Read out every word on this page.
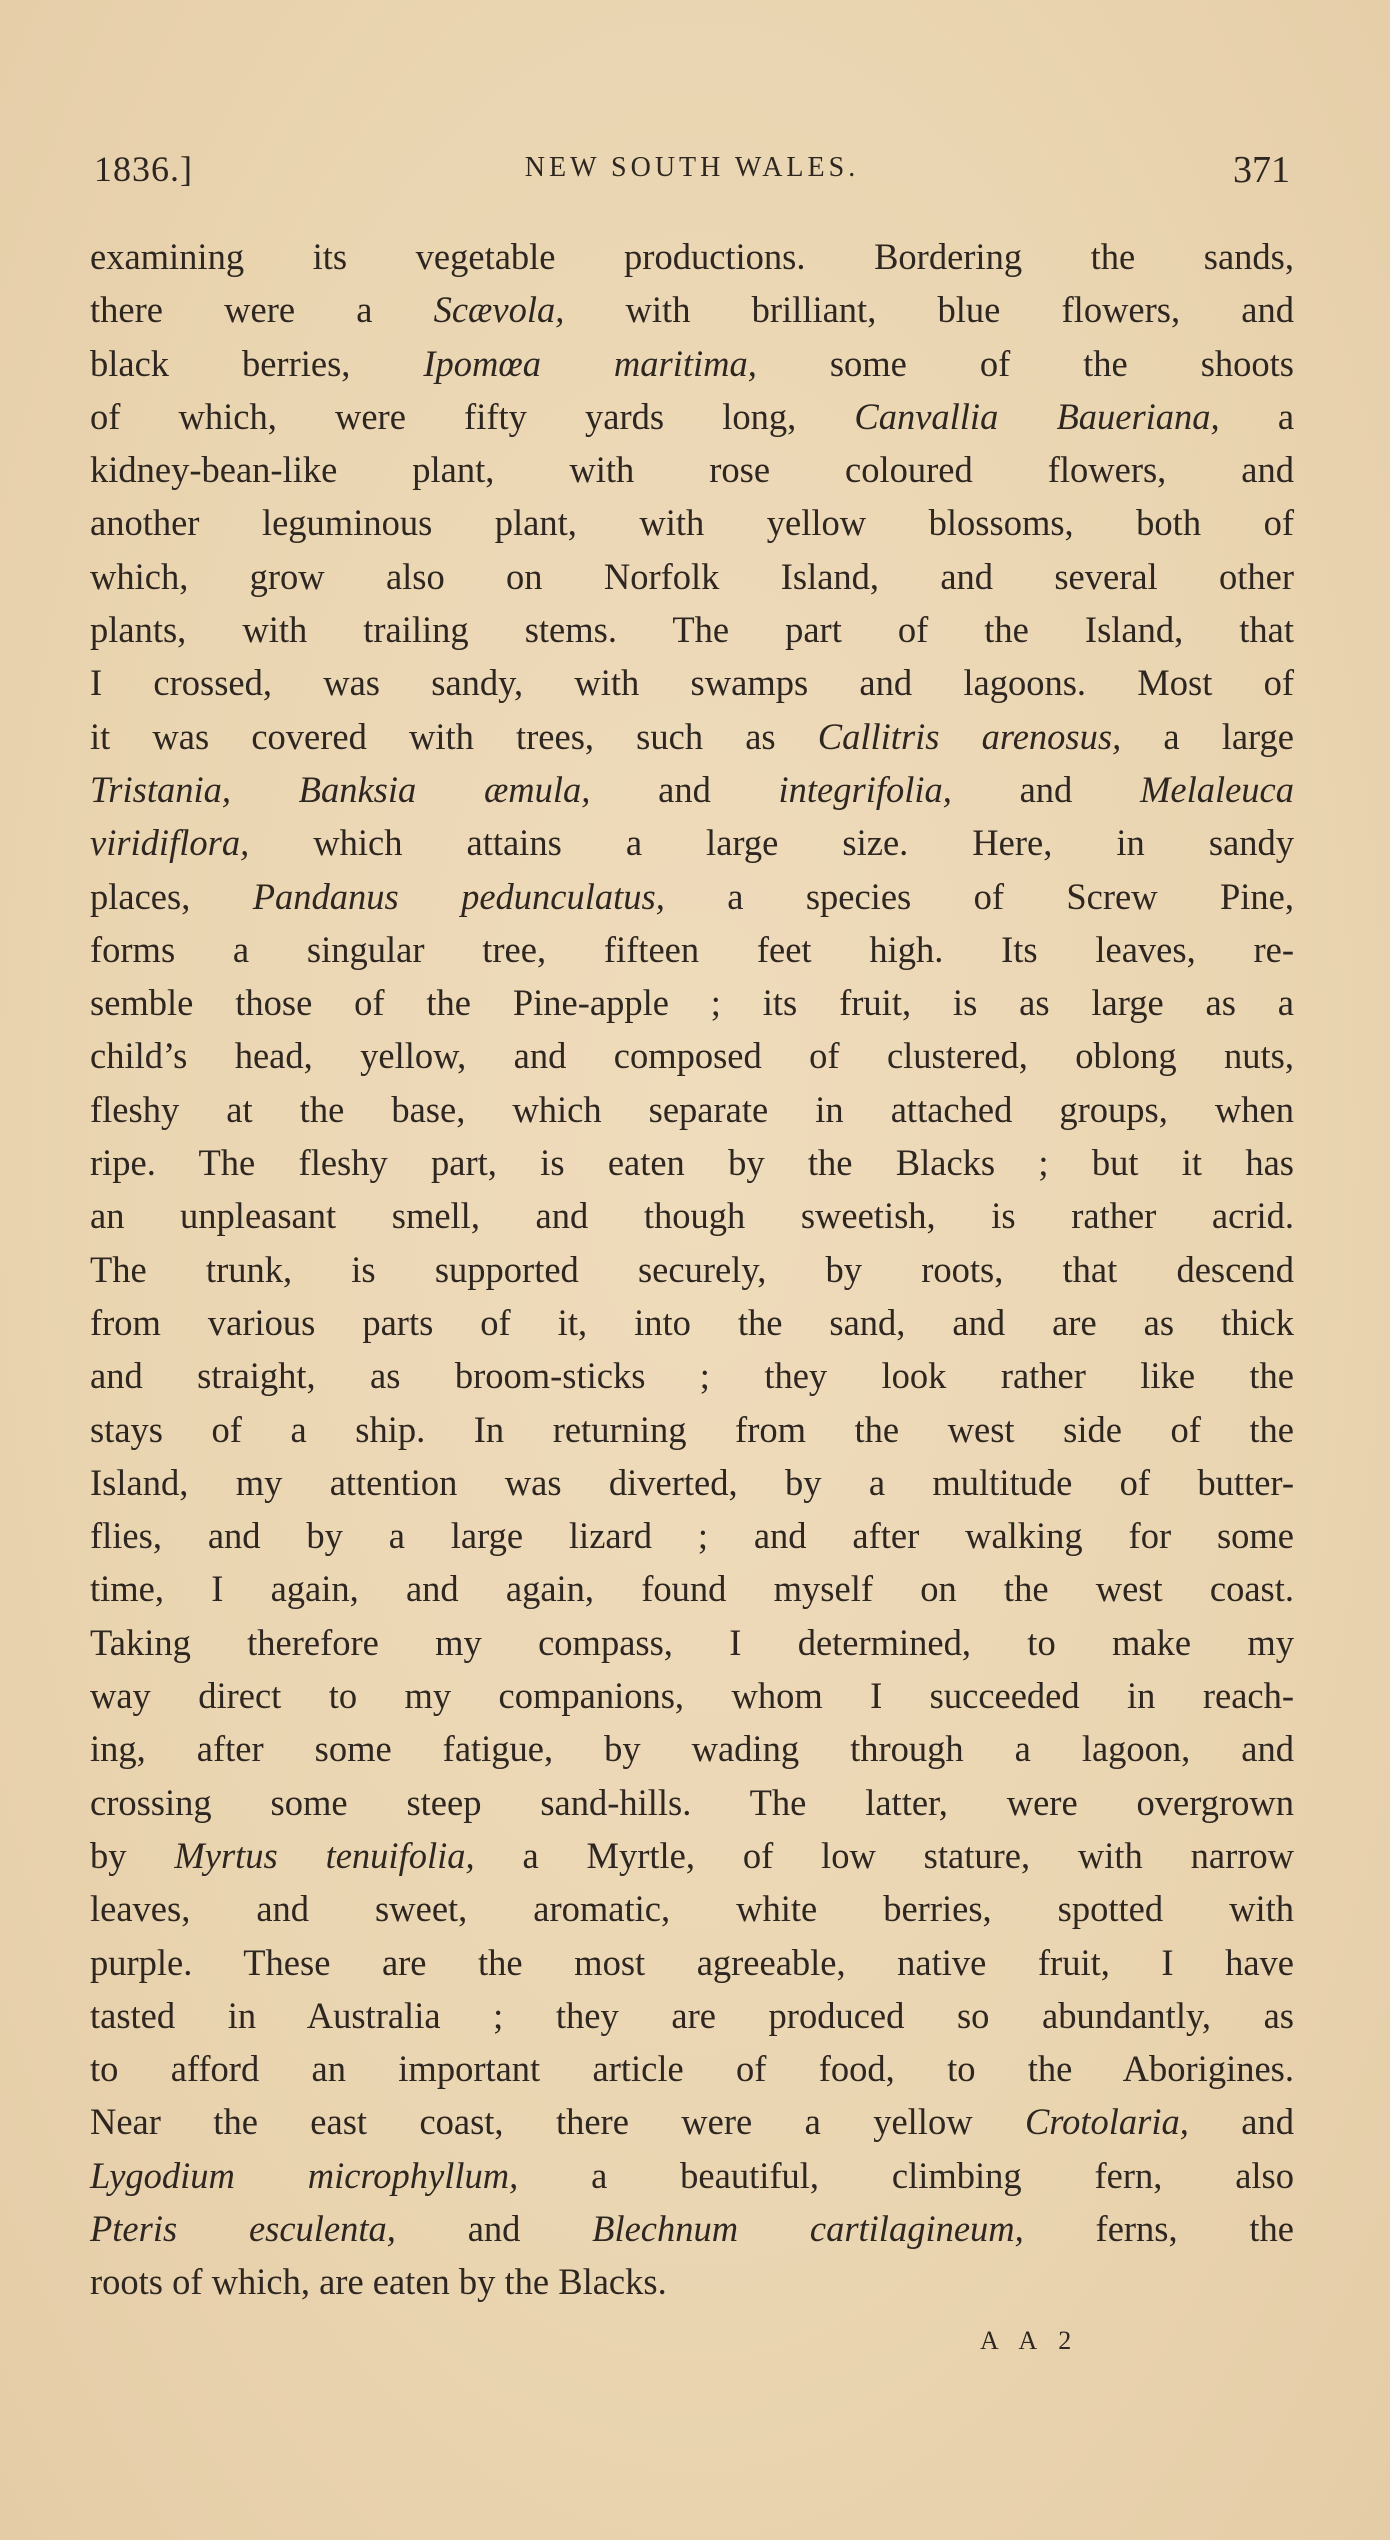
1836.]	NEW SOUTH WALES.	371
examining its vegetable productions. Bordering the sands,
there were a Scævola, with brilliant, blue flowers, and
black berries, Ipomœa maritima, some of the shoots
of which, were fifty yards long, Canvallia Baueriana, a
kidney-bean-like plant, with rose coloured flowers, and
another leguminous plant, with yellow blossoms, both of
which, grow also on Norfolk Island, and several other
plants, with trailing stems. The part of the Island, that
I crossed, was sandy, with swamps and lagoons. Most of
it was covered with trees, such as Callitris arenosus, a large
Tristania, Banksia æmula, and integrifolia, and Melaleuca
viridiflora, which attains a large size. Here, in sandy
places, Pandanus pedunculatus, a species of Screw Pine,
forms a singular tree, fifteen feet high. Its leaves, re-
semble those of the Pine-apple ; its fruit, is as large as a
child’s head, yellow, and composed of clustered, oblong nuts,
fleshy at the base, which separate in attached groups, when
ripe. The fleshy part, is eaten by the Blacks ; but it has
an unpleasant smell, and though sweetish, is rather acrid.
The trunk, is supported securely, by roots, that descend
from various parts of it, into the sand, and are as thick
and straight, as broom-sticks ; they look rather like the
stays of a ship. In returning from the west side of the
Island, my attention was diverted, by a multitude of butter-
flies, and by a large lizard ; and after walking for some
time, I again, and again, found myself on the west coast.
Taking therefore my compass, I determined, to make my
way direct to my companions, whom I succeeded in reach-
ing, after some fatigue, by wading through a lagoon, and
crossing some steep sand-hills. The latter, were overgrown
by Myrtus tenuifolia, a Myrtle, of low stature, with narrow
leaves, and sweet, aromatic, white berries, spotted with
purple. These are the most agreeable, native fruit, I have
tasted in Australia ; they are produced so abundantly, as
to afford an important article of food, to the Aborigines.
Near the east coast, there were a yellow Crotolaria, and
Lygodium microphyllum, a beautiful, climbing fern, also
Pteris esculenta, and Blechnum cartilagineum, ferns, the
roots of which, are eaten by the Blacks.
A A 2
